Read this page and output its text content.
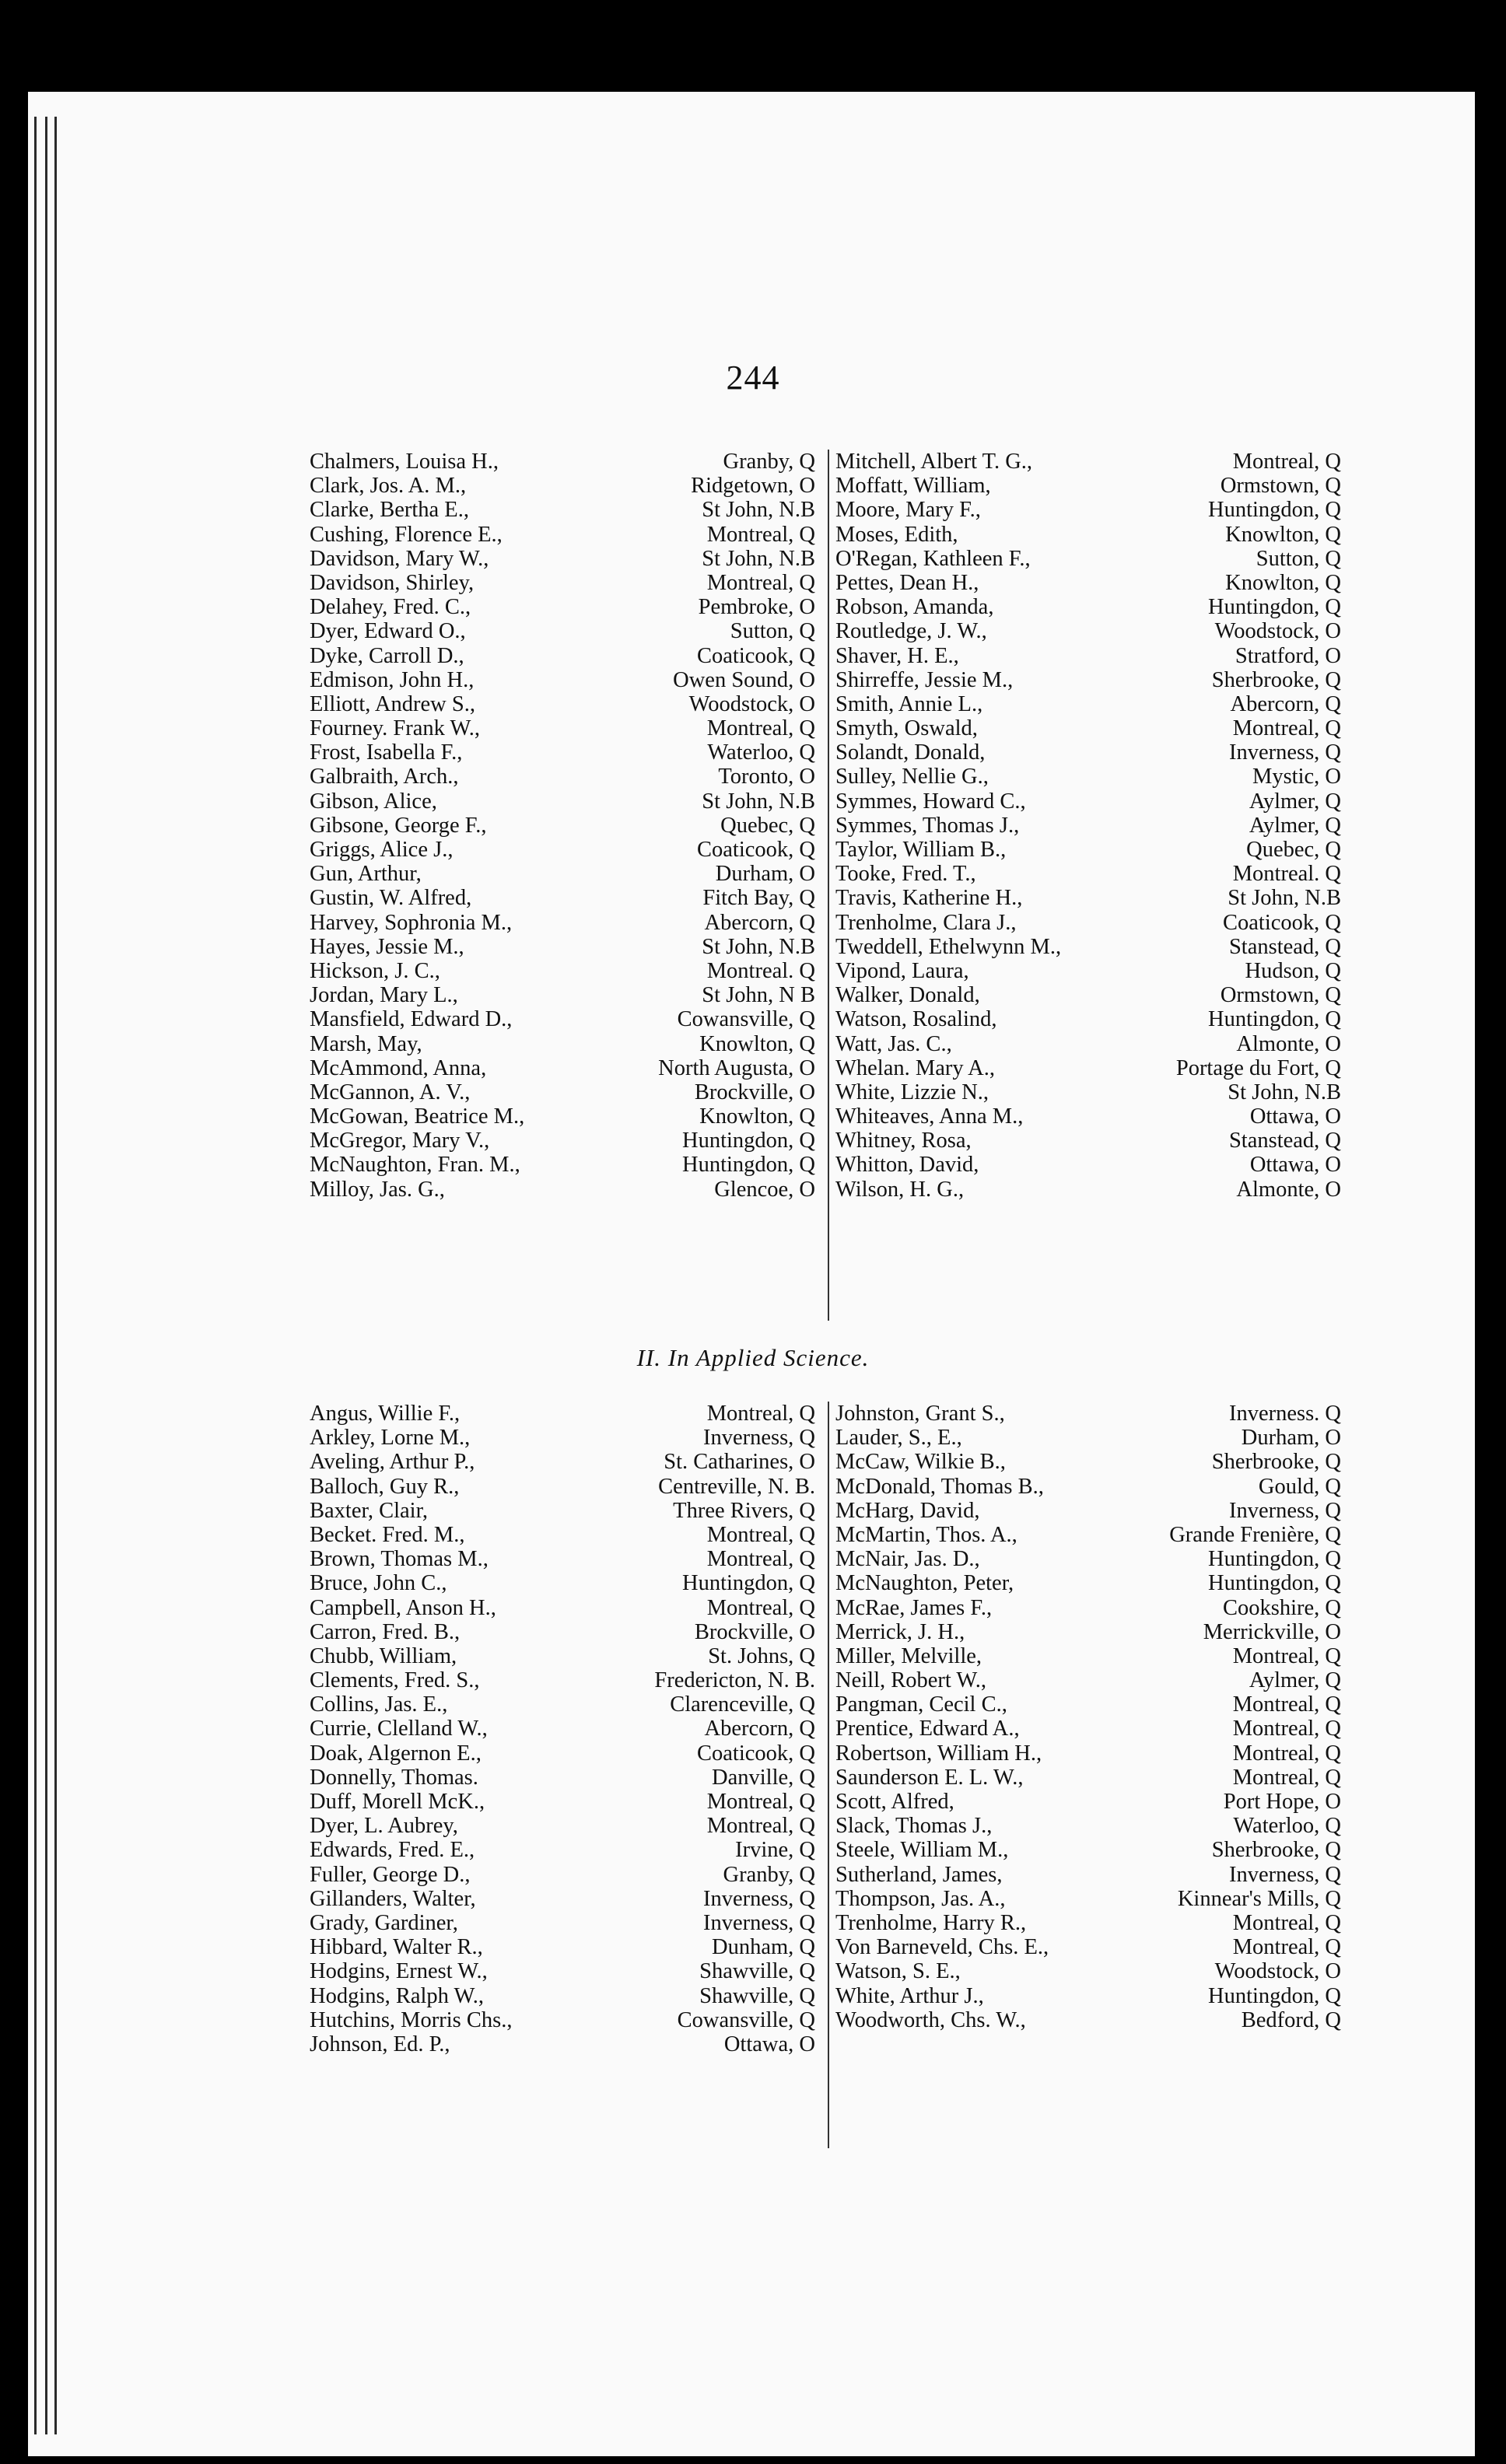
244
Chalmers, Louisa H.,	Granby, Q
Clark, Jos. A. M.,	Ridgetown, O
Clarke, Bertha E.,	St John, N.B
Cushing, Florence E.,	Montreal, Q
Davidson, Mary W.,	St John, N.B
Davidson, Shirley,	Montreal, Q
Delahey, Fred. C.,	Pembroke, O
Dyer, Edward O.,	Sutton, Q
Dyke, Carroll D.,	Coaticook, Q
Edmison, John H.,	Owen Sound, O
Elliott, Andrew S.,	Woodstock, O
Fourney. Frank W.,	Montreal, Q
Frost, Isabella F.,	Waterloo, Q
Galbraith, Arch.,	Toronto, O
Gibson, Alice,	St John, N.B
Gibsone, George F.,	Quebec, Q
Griggs, Alice J.,	Coaticook, Q
Gun, Arthur,	Durham, O
Gustin, W. Alfred,	Fitch Bay, Q
Harvey, Sophronia M.,	Abercorn, Q
Hayes, Jessie M.,	St John, N.B
Hickson, J. C.,	Montreal. Q
Jordan, Mary L.,	St John, N B
Mansfield, Edward D.,	Cowansville, Q
Marsh, May,	Knowlton, Q
McAmmond, Anna,	North Augusta, O
McGannon, A. V.,	Brockville, O
McGowan, Beatrice M.,	Knowlton, Q
McGregor, Mary V.,	Huntingdon, Q
McNaughton, Fran. M.,	Huntingdon, Q
Milloy, Jas. G.,	Glencoe, O
Mitchell, Albert T. G.,	Montreal, Q
Moffatt, William,	Ormstown, Q
Moore, Mary F.,	Huntingdon, Q
Moses, Edith,	Knowlton, Q
O'Regan, Kathleen F.,	Sutton, Q
Pettes, Dean H.,	Knowlton, Q
Robson, Amanda,	Huntingdon, Q
Routledge, J. W.,	Woodstock, O
Shaver, H. E.,	Stratford, O
Shirreffe, Jessie M.,	Sherbrooke, Q
Smith, Annie L.,	Abercorn, Q
Smyth, Oswald,	Montreal, Q
Solandt, Donald,	Inverness, Q
Sulley, Nellie G.,	Mystic, O
Symmes, Howard C.,	Aylmer, Q
Symmes, Thomas J.,	Aylmer, Q
Taylor, William B.,	Quebec, Q
Tooke, Fred. T.,	Montreal. Q
Travis, Katherine H.,	St John, N.B
Trenholme, Clara J.,	Coaticook, Q
Tweddell, Ethelwynn M.,	Stanstead, Q
Vipond, Laura,	Hudson, Q
Walker, Donald,	Ormstown, Q
Watson, Rosalind,	Huntingdon, Q
Watt, Jas. C.,	Almonte, O
Whelan. Mary A.,	Portage du Fort, Q
White, Lizzie N.,	St John, N.B
Whiteaves, Anna M.,	Ottawa, O
Whitney, Rosa,	Stanstead, Q
Whitton, David,	Ottawa, O
Wilson, H. G.,	Almonte, O
II. In Applied Science.
Angus, Willie F.,	Montreal, Q
Arkley, Lorne M.,	Inverness, Q
Aveling, Arthur P.,	St. Catharines, O
Balloch, Guy R.,	Centreville, N. B.
Baxter, Clair,	Three Rivers, Q
Becket. Fred. M.,	Montreal, Q
Brown, Thomas M.,	Montreal, Q
Bruce, John C.,	Huntingdon, Q
Campbell, Anson H.,	Montreal, Q
Carron, Fred. B.,	Brockville, O
Chubb, William,	St. Johns, Q
Clements, Fred. S.,	Fredericton, N. B.
Collins, Jas. E.,	Clarenceville, Q
Currie, Clelland W.,	Abercorn, Q
Doak, Algernon E.,	Coaticook, Q
Donnelly, Thomas.	Danville, Q
Duff, Morell McK.,	Montreal, Q
Dyer, L. Aubrey,	Montreal, Q
Edwards, Fred. E.,	Irvine, Q
Fuller, George D.,	Granby, Q
Gillanders, Walter,	Inverness, Q
Grady, Gardiner,	Inverness, Q
Hibbard, Walter R.,	Dunham, Q
Hodgins, Ernest W.,	Shawville, Q
Hodgins, Ralph W.,	Shawville, Q
Hutchins, Morris Chs.,	Cowansville, Q
Johnson, Ed. P.,	Ottawa, O
Johnston, Grant S.,	Inverness. Q
Lauder, S., E.,	Durham, O
McCaw, Wilkie B.,	Sherbrooke, Q
McDonald, Thomas B.,	Gould, Q
McHarg, David,	Inverness, Q
McMartin, Thos. A.,	Grande Frenière, Q
McNair, Jas. D.,	Huntingdon, Q
McNaughton, Peter,	Huntingdon, Q
McRae, James F.,	Cookshire, Q
Merrick, J. H.,	Merrickville, O
Miller, Melville,	Montreal, Q
Neill, Robert W.,	Aylmer, Q
Pangman, Cecil C.,	Montreal, Q
Prentice, Edward A.,	Montreal, Q
Robertson, William H.,	Montreal, Q
Saunderson E. L. W.,	Montreal, Q
Scott, Alfred,	Port Hope, O
Slack, Thomas J.,	Waterloo, Q
Steele, William M.,	Sherbrooke, Q
Sutherland, James,	Inverness, Q
Thompson, Jas. A.,	Kinnear's Mills, Q
Trenholme, Harry R.,	Montreal, Q
Von Barneveld, Chs. E.,	Montreal, Q
Watson, S. E.,	Woodstock, O
White, Arthur J.,	Huntingdon, Q
Woodworth, Chs. W.,	Bedford, Q
